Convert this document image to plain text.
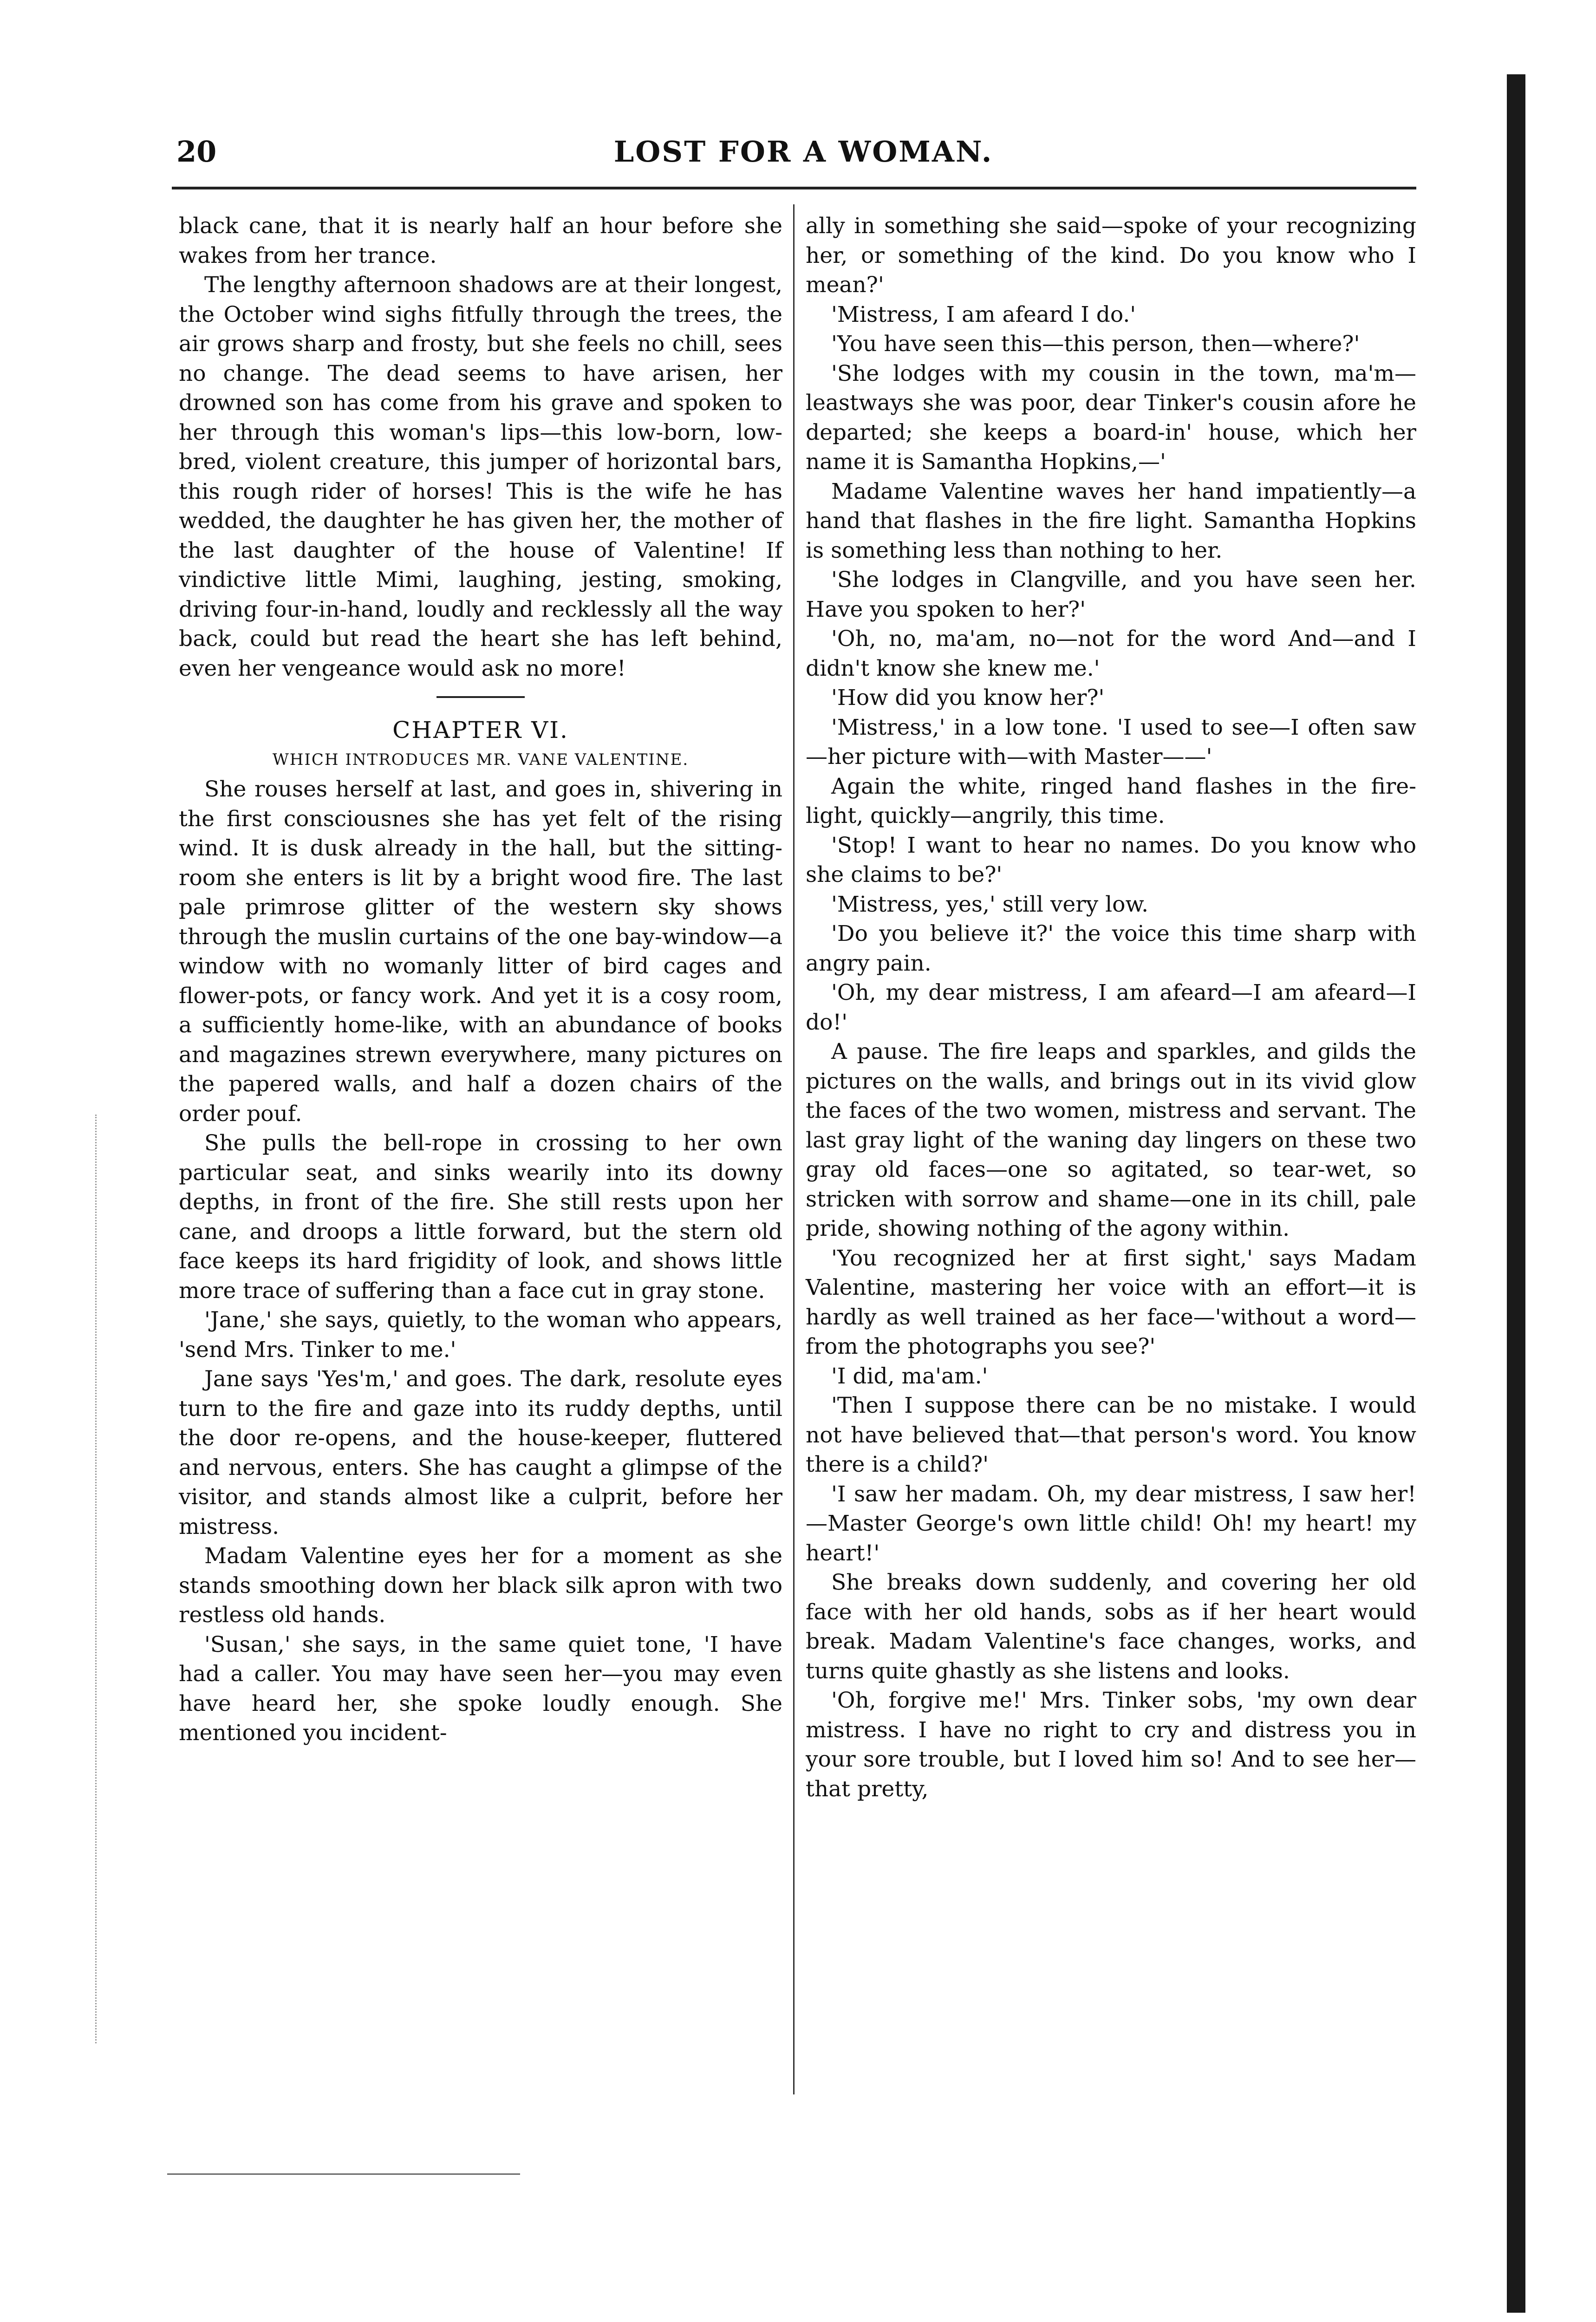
20	LOST FOR A WOMAN.

black cane, that it is nearly half an hour before she wakes from her trance.

The lengthy afternoon shadows are at their longest, the October wind sighs fitfully through the trees, the air grows sharp and frosty, but she feels no chill, sees no change. The dead seems to have arisen, her drowned son has come from his grave and spoken to her through this woman's lips—this low-born, low-bred, violent creature, this jumper of horizontal bars, this rough rider of horses! This is the wife he has wedded, the daughter he has given her, the mother of the last daughter of the house of Valentine! If vindictive little Mimi, laughing, jesting, smoking, driving four-in-hand, loudly and recklessly all the way back, could but read the heart she has left behind, even her vengeance would ask no more!

CHAPTER VI.

WHICH INTRODUCES MR. VANE VALENTINE.

She rouses herself at last, and goes in, shivering in the first consciousnes she has yet felt of the rising wind. It is dusk already in the hall, but the sitting-room she enters is lit by a bright wood fire. The last pale primrose glitter of the western sky shows through the muslin curtains of the one bay-window—a window with no womanly litter of bird cages and flower-pots, or fancy work. And yet it is a cosy room, a sufficiently home-like, with an abundance of books and magazines strewn everywhere, many pictures on the papered walls, and half a dozen chairs of the order pouf.

She pulls the bell-rope in crossing to her own particular seat, and sinks wearily into its downy depths, in front of the fire. She still rests upon her cane, and droops a little forward, but the stern old face keeps its hard frigidity of look, and shows little more trace of suffering than a face cut in gray stone.

'Jane,' she says, quietly, to the woman who appears, 'send Mrs. Tinker to me.'

Jane says 'Yes'm,' and goes. The dark, resolute eyes turn to the fire and gaze into its ruddy depths, until the door re-opens, and the house-keeper, fluttered and nervous, enters. She has caught a glimpse of the visitor, and stands almost like a culprit, before her mistress.

Madam Valentine eyes her for a moment as she stands smoothing down her black silk apron with two restless old hands.

'Susan,' she says, in the same quiet tone, 'I have had a caller. You may have seen her—you may even have heard her, she spoke loudly enough. She mentioned you incident-

ally in something she said—spoke of your recognizing her, or something of the kind. Do you know who I mean?'

'Mistress, I am afeard I do.'

'You have seen this—this person, then—where?'

'She lodges with my cousin in the town, ma'm—leastways she was poor, dear Tinker's cousin afore he departed; she keeps a board-in' house, which her name it is Samantha Hopkins,—'

Madame Valentine waves her hand impatiently—a hand that flashes in the fire light. Samantha Hopkins is something less than nothing to her.

'She lodges in Clangville, and you have seen her. Have you spoken to her?'

'Oh, no, ma'am, no—not for the word And—and I didn't know she knew me.'

'How did you know her?'

'Mistress,' in a low tone. 'I used to see—I often saw—her picture with—with Master——'

Again the white, ringed hand flashes in the fire-light, quickly—angrily, this time.

'Stop! I want to hear no names. Do you know who she claims to be?'

'Mistress, yes,' still very low.

'Do you believe it?' the voice this time sharp with angry pain.

'Oh, my dear mistress, I am afeard—I am afeard—I do!'

A pause. The fire leaps and sparkles, and gilds the pictures on the walls, and brings out in its vivid glow the faces of the two women, mistress and servant. The last gray light of the waning day lingers on these two gray old faces—one so agitated, so tear-wet, so stricken with sorrow and shame—one in its chill, pale pride, showing nothing of the agony within.

'You recognized her at first sight,' says Madam Valentine, mastering her voice with an effort—it is hardly as well trained as her face—'without a word—from the photographs you see?'

'I did, ma'am.'

'Then I suppose there can be no mistake. I would not have believed that—that person's word. You know there is a child?'

'I saw her madam. Oh, my dear mistress, I saw her!—Master George's own little child! Oh! my heart! my heart!'

She breaks down suddenly, and covering her old face with her old hands, sobs as if her heart would break. Madam Valentine's face changes, works, and turns quite ghastly as she listens and looks.

'Oh, forgive me!' Mrs. Tinker sobs, 'my own dear mistress. I have no right to cry and distress you in your sore trouble, but I loved him so! And to see her—that pretty,
